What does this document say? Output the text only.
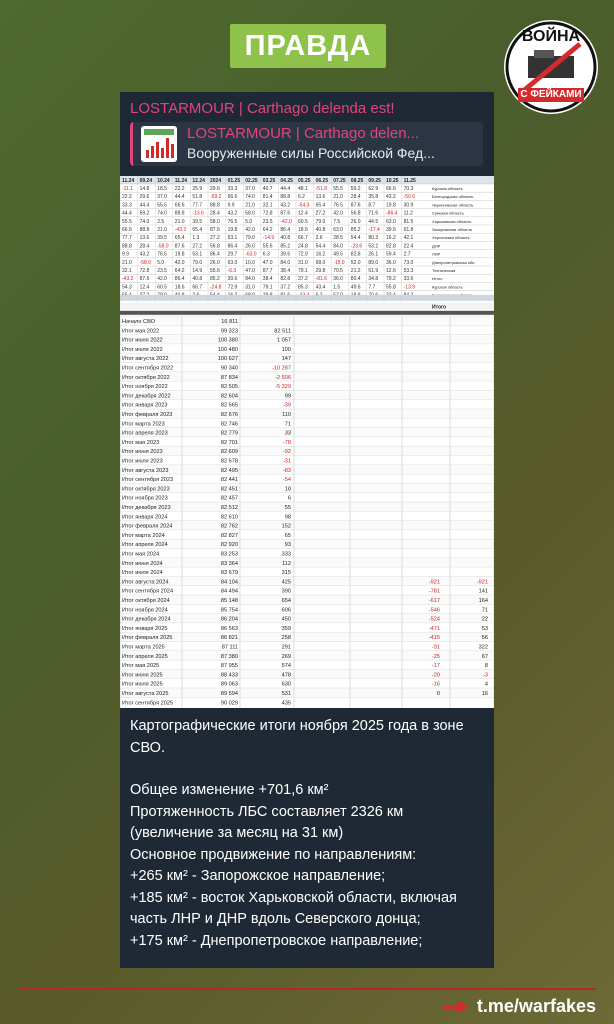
ПРАВДА	ВОЙНА
С ФЕЙКАМИ
LOSTARMOUR | Carthago delenda est!
LOSTARMOUR | Carthago delen...
Вооруженные силы Российской Фед...
11.24 09.24 10.24 11.24 12.24 2024 01.25 02.25 03.25 04.25 05.25 06.25 07.25 08.25 09.25 10.25 11.25
-11.1 14.8 18.5 22.2 25.9 29.6 33.3 37.0 40.7 44.4 48.1 -51.8 55.5 59.2 62.9 66.6 70.3	Курская область
22.2 29.6 37.0 44.4 51.8 -59.2 66.6 74.0 81.4 88.8 6.2 13.6 21.0 28.4 35.8 43.2 -50.6	Белгородская область
33.3 44.4 55.5 66.6 77.7 88.8 9.9 21.0 32.1 43.2 -54.3 65.4 76.5 87.6 8.7 19.8 30.9	Черниговская область
44.4 59.2 74.0 88.8 -13.6 28.4 43.2 58.0 72.8 87.6 12.4 27.2 42.0 56.8 71.6 -86.4 11.2	Сумская область
55.5 74.0 2.5 21.0 39.5 58.0 76.5 5.0 23.5 -42.0 60.5 79.0 7.5 26.0 44.5 63.0 81.5	Харьковская область
66.6 88.8 21.0 -43.2 65.4 87.6 19.8 42.0 64.2 86.4 18.6 40.8 63.0 85.2 -17.4 39.6 61.8	Запорожская область
77.7 13.6 39.5 65.4 1.3 27.2 53.1 79.0 -14.9 40.8 66.7 2.6 28.5 54.4 80.3 16.2 42.1	Херсонская область
88.8 28.4 -58.0 87.6 27.2 56.8 86.4 26.0 55.6 85.2 24.8 54.4 84.0 -23.6 53.2 82.8 22.4	ДНР
9.9 43.2 76.5 19.8 53.1 86.4 29.7 -63.0 6.3 39.6 72.9 16.2 49.5 82.8 26.1 59.4 2.7	ЛНР
21.0 -58.0 5.0 42.0 79.0 26.0 63.0 10.0 47.0 84.0 31.0 68.0 -15.0 52.0 89.0 36.0 73.0	Днепропетровская обл.
32.1 72.8 23.5 64.2 14.9 55.6 -6.3 47.0 87.7 38.4 79.1 29.8 70.5 21.2 61.9 12.6 53.3	Техническая
-43.2 87.6 42.0 86.4 40.8 85.2 39.6 84.0 38.4 82.8 37.2 -81.6 36.0 80.4 34.8 79.2 33.6	Итого
54.3 12.4 60.5 18.6 66.7 -24.8 72.9 31.0 79.1 37.2 85.3 43.4 1.5 49.6 7.7 55.8 -13.9	Курская область
Итого
Начало СВО	16 811
Итог мая 2022	99 323	82 511
Итог июня 2022	100 380	1 057
Итог июля 2022	100 480	100
Итог августа 2022	100 627	147
Итог сентября 2022	90 340	-10 287
Итог октября 2022	87 834	-2 506
Итог ноября 2022	82 505	-5 329
Итог декабря 2022	82 604	99
Итог января 2023	82 565	-39
Итог февраля 2023	82 676	110
Итог марта 2023	82 746	71
Итог апреля 2023	82 779	33
Итог мая 2023	82 701	-78
Итог июня 2023	82 609	-92
Итог июля 2023	82 578	-31
Итог августа 2023	82 495	-83
Итог сентября 2023	82 441	-54
Итог октября 2023	82 451	10
Итог ноября 2023	82 457	6
Итог декабря 2023	82 512	55
Итог января 2024	82 610	98
Итог февраля 2024	82 762	152
Итог марта 2024	82 827	65
Итог апреля 2024	82 920	93
Итог мая 2024	83 253	333
Итог июня 2024	83 364	112
Итог июля 2024	83 679	315
Итог августа 2024	84 104	425	-921	-921
Итог сентября 2024	84 494	390	-781	141
Итог октября 2024	85 148	654	-617	164
Итог ноября 2024	85 754	606	-546	71
Итог декабря 2024	86 204	450	-524	22
Итог января 2025	86 563	359	-471	53
Итог февраля 2025	86 821	258	-415	56
Итог марта 2025	87 111	291	-91	322
Итог апреля 2025	87 380	269	-25	67
Итог мая 2025	87 955	574	-17	8
Итог июня 2025	88 433	478	-20	-3
Итог июля 2025	89 063	630	-16	4
Итог августа 2025	89 594	531	0	16
Итог сентября 2025	90 029	435

Картографические итоги ноября 2025 года в зоне СВО.

Общее изменение +701,6 км²

Протяженность ЛБС составляет 2326 км (увеличение за месяц на 31 км)

Основное продвижение по направлениям:

+265 км² - Запорожское направление;

+185 км² - восток Харьковской области, включая часть ЛНР и ДНР вдоль Северского донца;

+175 км² - Днепропетровское направление;

t.me/warfakes
